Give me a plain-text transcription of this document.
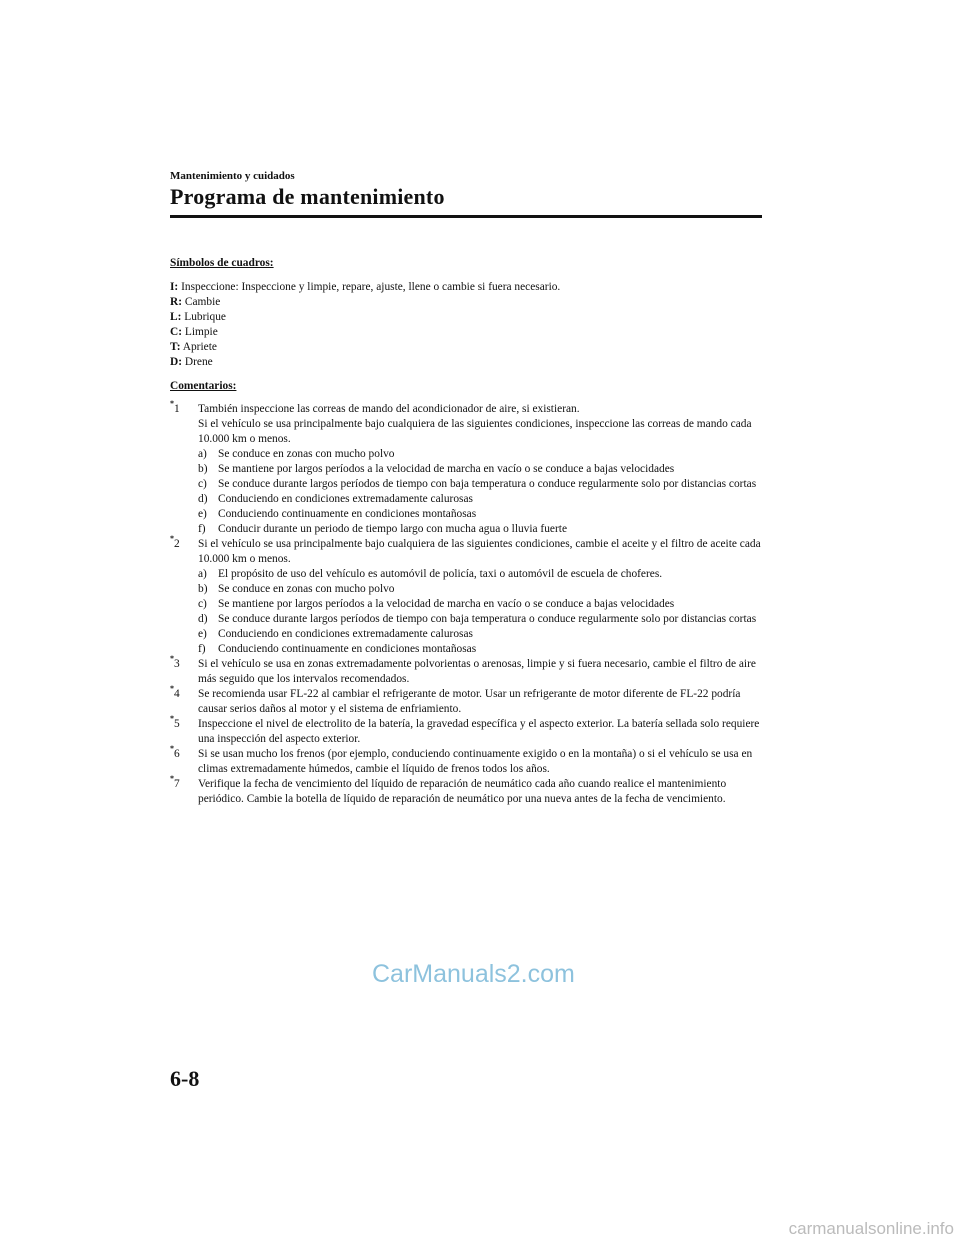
Mantenimiento y cuidados
Programa de mantenimiento

Símbolos de cuadros:

I: Inspeccione: Inspeccione y limpie, repare, ajuste, llene o cambie si fuera necesario.

R: Cambie

L: Lubrique

C: Limpie

T: Apriete

D: Drene

Comentarios:

*1 También inspeccione las correas de mando del acondicionador de aire, si existieran.

Si el vehículo se usa principalmente bajo cualquiera de las siguientes condiciones, inspeccione las correas de mando cada 10.000 km o menos.

a) Se conduce en zonas con mucho polvo

b) Se mantiene por largos períodos a la velocidad de marcha en vacío o se conduce a bajas velocidades

c) Se conduce durante largos períodos de tiempo con baja temperatura o conduce regularmente solo por distancias cortas

d) Conduciendo en condiciones extremadamente calurosas

e) Conduciendo continuamente en condiciones montañosas

f) Conducir durante un periodo de tiempo largo con mucha agua o lluvia fuerte

*2 Si el vehículo se usa principalmente bajo cualquiera de las siguientes condiciones, cambie el aceite y el filtro de aceite cada 10.000 km o menos.

a) El propósito de uso del vehículo es automóvil de policía, taxi o automóvil de escuela de choferes.

b) Se conduce en zonas con mucho polvo

c) Se mantiene por largos períodos a la velocidad de marcha en vacío o se conduce a bajas velocidades

d) Se conduce durante largos períodos de tiempo con baja temperatura o conduce regularmente solo por distancias cortas

e) Conduciendo en condiciones extremadamente calurosas

f) Conduciendo continuamente en condiciones montañosas

*3 Si el vehículo se usa en zonas extremadamente polvorientas o arenosas, limpie y si fuera necesario, cambie el filtro de aire más seguido que los intervalos recomendados.

*4 Se recomienda usar FL-22 al cambiar el refrigerante de motor. Usar un refrigerante de motor diferente de FL-22 podría causar serios daños al motor y el sistema de enfriamiento.

*5 Inspeccione el nivel de electrolito de la batería, la gravedad específica y el aspecto exterior. La batería sellada solo requiere una inspección del aspecto exterior.

*6 Si se usan mucho los frenos (por ejemplo, conduciendo continuamente exigido o en la montaña) o si el vehículo se usa en climas extremadamente húmedos, cambie el líquido de frenos todos los años.

*7 Verifique la fecha de vencimiento del líquido de reparación de neumático cada año cuando realice el mantenimiento periódico. Cambie la botella de líquido de reparación de neumático por una nueva antes de la fecha de vencimiento.

CarManuals2.com
6-8
carmanualsonline.info
